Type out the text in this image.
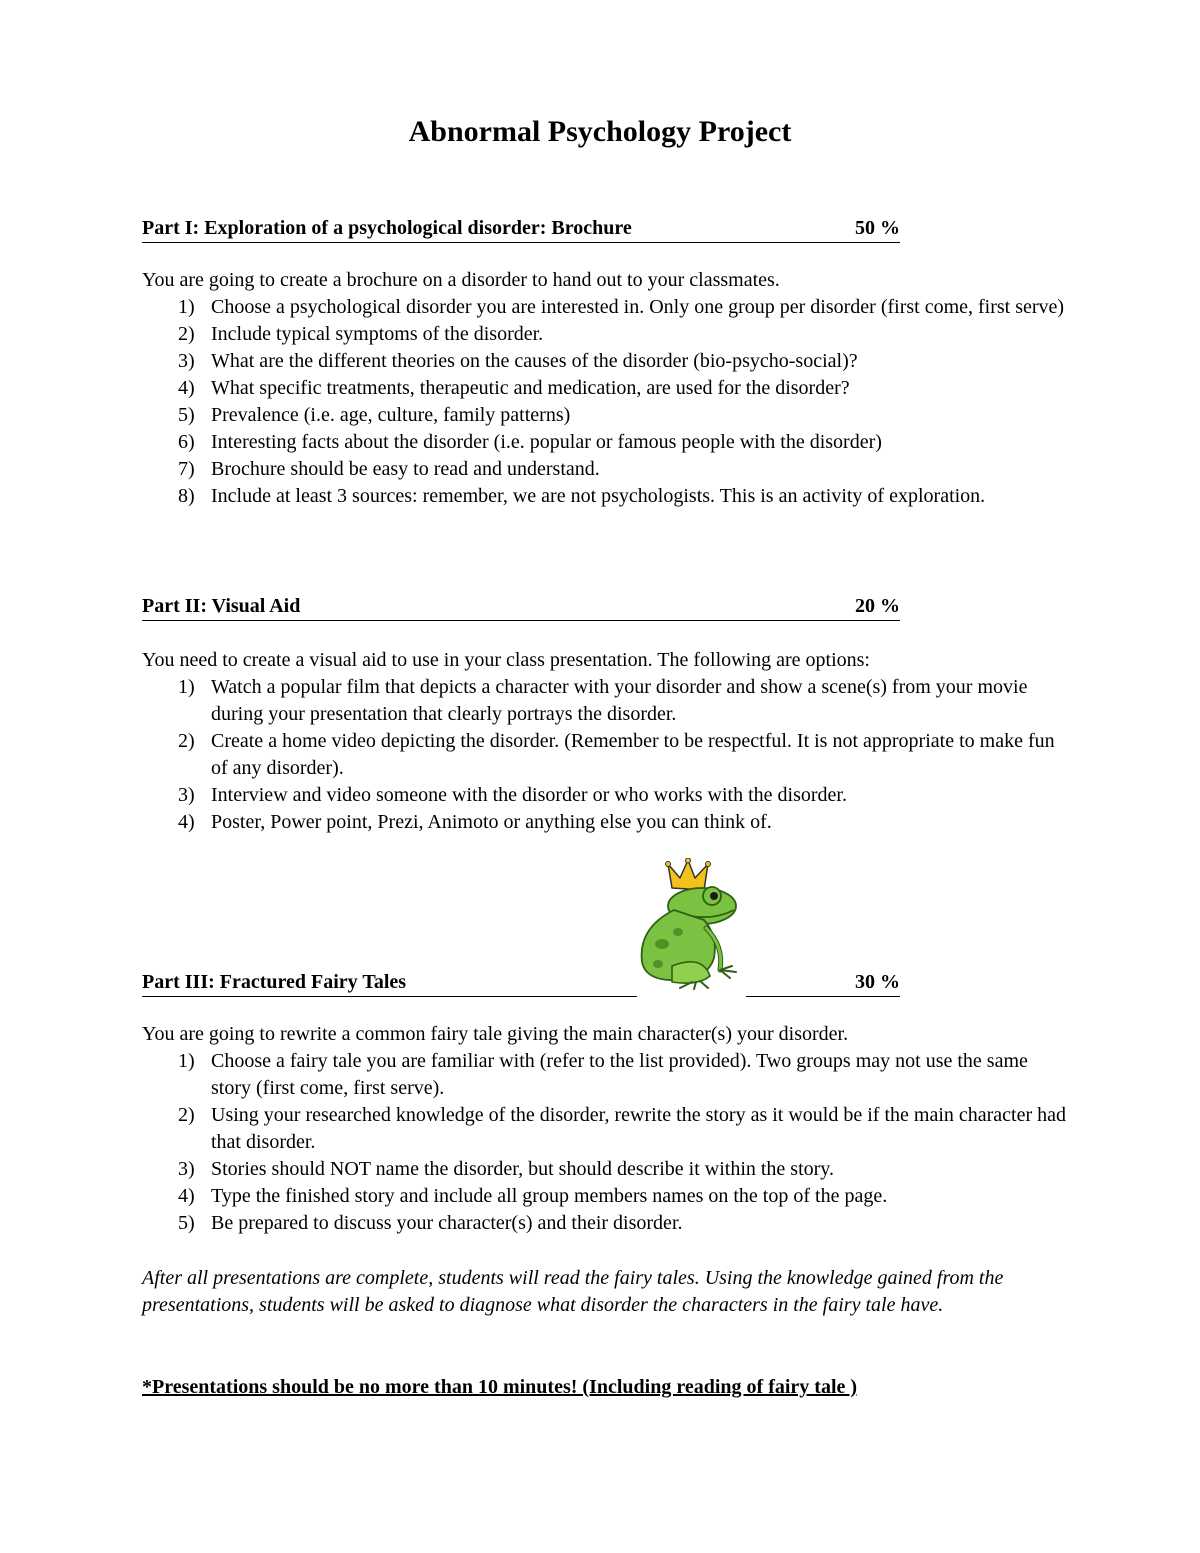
Abnormal Psychology Project
Part I: Exploration of a psychological disorder: Brochure	50 %
You are going to create a brochure on a disorder to hand out to your classmates.
1) Choose a psychological disorder you are interested in. Only one group per disorder (first come, first serve)
2) Include typical symptoms of the disorder.
3) What are the different theories on the causes of the disorder (bio-psycho-social)?
4) What specific treatments, therapeutic and medication, are used for the disorder?
5) Prevalence (i.e. age, culture, family patterns)
6) Interesting facts about the disorder (i.e. popular or famous people with the disorder)
7) Brochure should be easy to read and understand.
8) Include at least 3 sources: remember, we are not psychologists. This is an activity of exploration.
Part II: Visual Aid	20 %
You need to create a visual aid to use in your class presentation. The following are options:
1) Watch a popular film that depicts a character with your disorder and show a scene(s) from your movie during your presentation that clearly portrays the disorder.
2) Create a home video depicting the disorder. (Remember to be respectful. It is not appropriate to make fun of any disorder).
3) Interview and video someone with the disorder or who works with the disorder.
4) Poster, Power point, Prezi, Animoto or anything else you can think of.
Part III: Fractured Fairy Tales	30 %
You are going to rewrite a common fairy tale giving the main character(s) your disorder.
1) Choose a fairy tale you are familiar with (refer to the list provided). Two groups may not use the same story (first come, first serve).
2) Using your researched knowledge of the disorder, rewrite the story as it would be if the main character had that disorder.
3) Stories should NOT name the disorder, but should describe it within the story.
4) Type the finished story and include all group members names on the top of the page.
5) Be prepared to discuss your character(s) and their disorder.
After all presentations are complete, students will read the fairy tales. Using the knowledge gained from the presentations, students will be asked to diagnose what disorder the characters in the fairy tale have.
*Presentations should be no more than 10 minutes! (Including reading of fairy tale )
